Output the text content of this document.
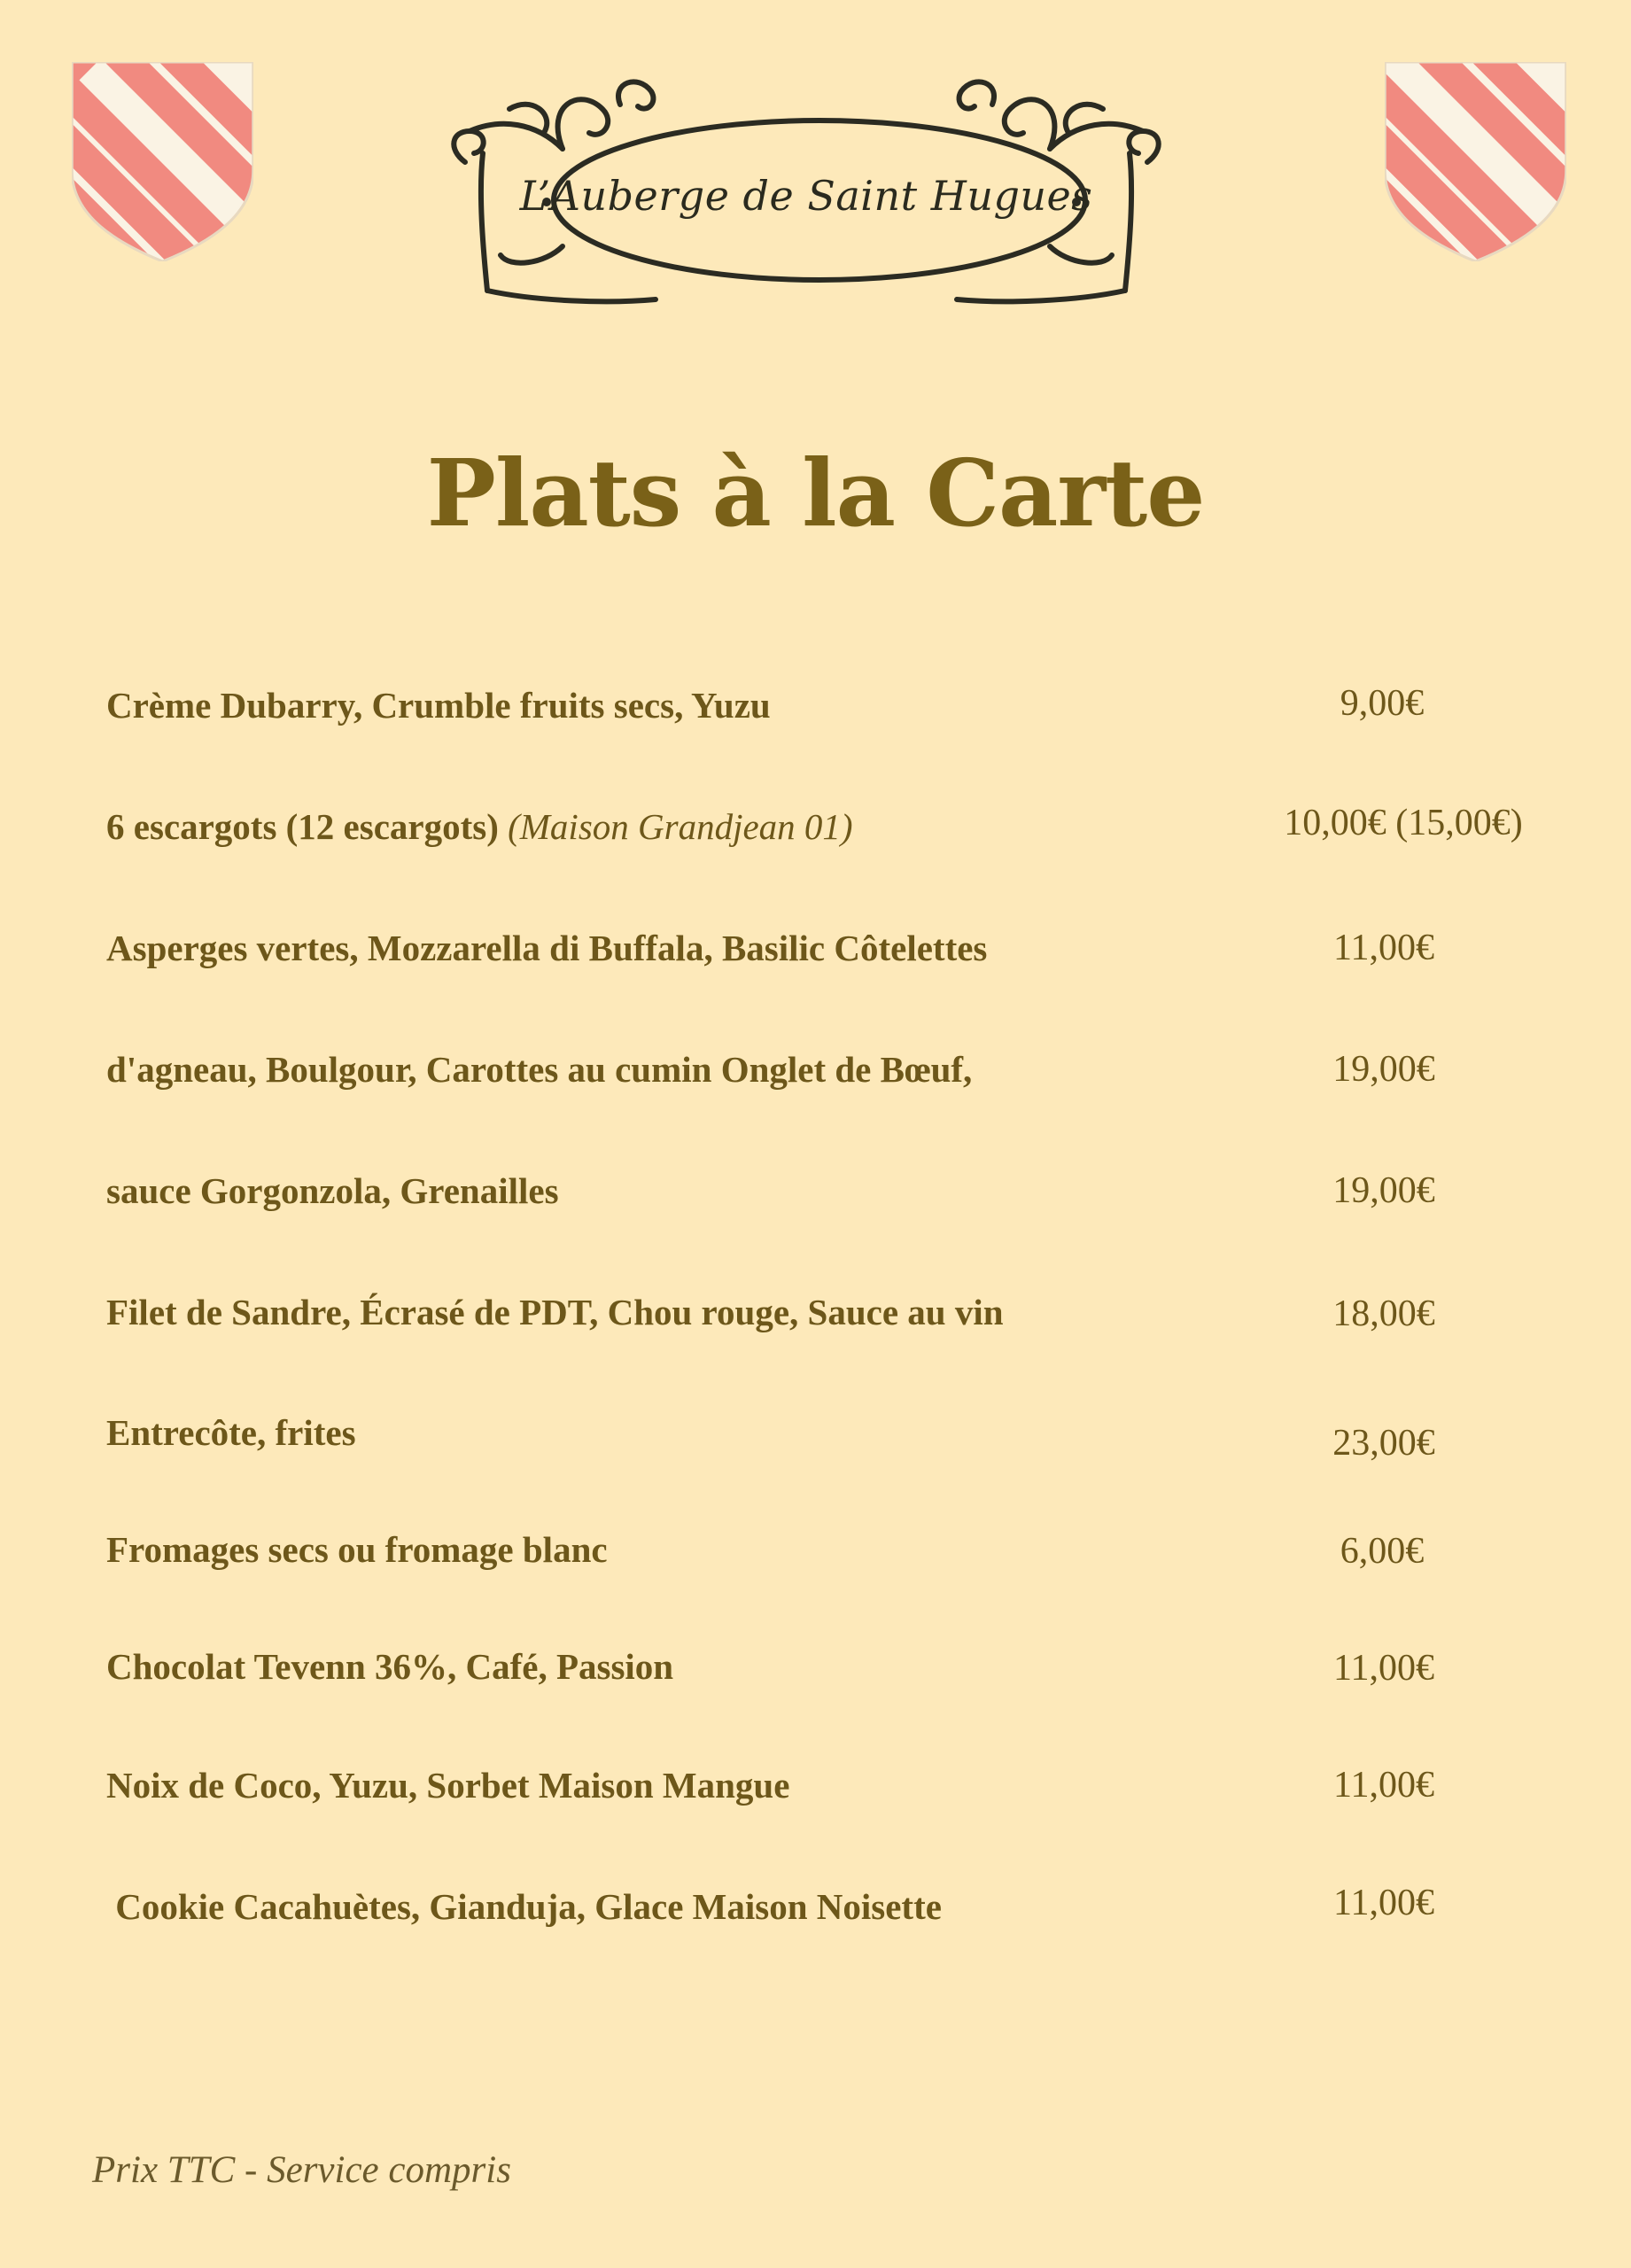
L’Auberge de Saint Hugues
Plats à la Carte
Crème Dubarry, Crumble fruits secs, Yuzu	9,00€
6 escargots (12 escargots) (Maison Grandjean 01)	10,00€ (15,00€)
Asperges vertes, Mozzarella di Buffala, Basilic Côtelettes	11,00€
d'agneau, Boulgour, Carottes au cumin Onglet de Bœuf,	19,00€
sauce Gorgonzola, Grenailles	19,00€
Filet de Sandre, Écrasé de PDT, Chou rouge, Sauce au vin	18,00€
Entrecôte, frites	23,00€
Fromages secs ou fromage blanc	6,00€
Chocolat Tevenn 36%, Café, Passion	11,00€
Noix de Coco, Yuzu, Sorbet Maison Mangue	11,00€
Cookie Cacahuètes, Gianduja, Glace Maison Noisette	11,00€
Prix TTC - Service compris
